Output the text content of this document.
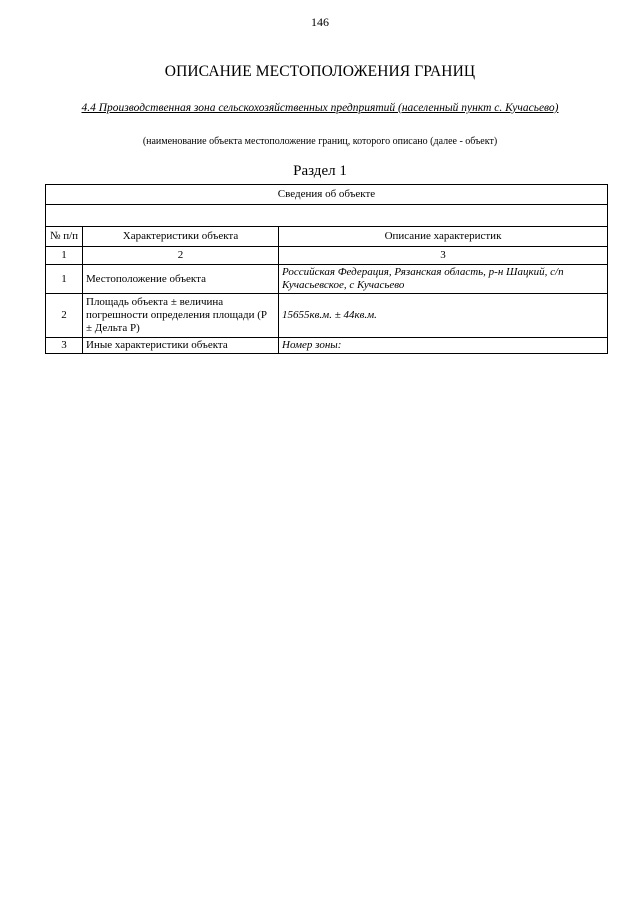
146
ОПИСАНИЕ МЕСТОПОЛОЖЕНИЯ ГРАНИЦ
4.4 Производственная зона сельскохозяйственных предприятий (населенный пункт с. Кучасьево)
(наименование объекта местоположение границ, которого описано (далее - объект)
Раздел 1
Сведения об объекте		

№ п/п	Характеристики объекта	Описание характеристик
1	2	3
1	Местоположение объекта	Российская Федерация, Рязанская область, р-н Шацкий, с/п Кучасьевское, с Кучасьево
2	Площадь объекта ± величина погрешности определения площади (Р ± Дельта Р)	15655кв.м. ± 44кв.м.
3	Иные характеристики объекта	Номер зоны:
